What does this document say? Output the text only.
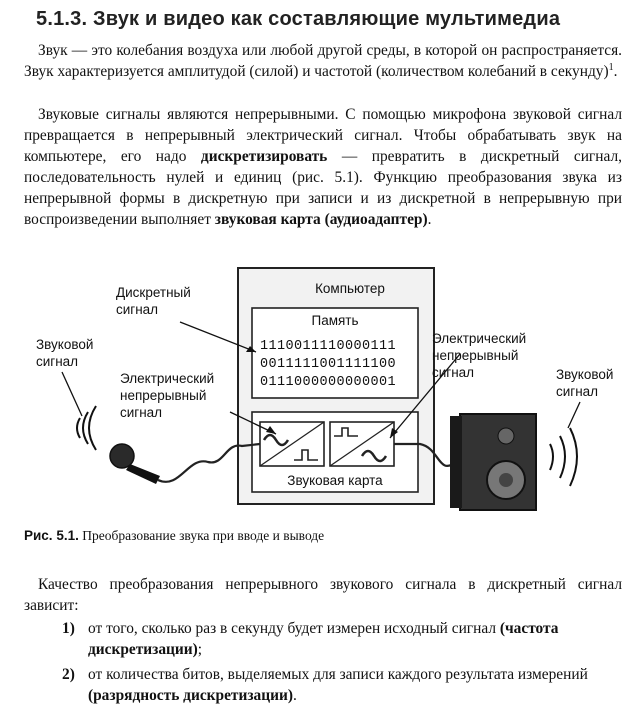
5.1.3. Звук и видео как составляющие мультимедиа
Звук — это колебания воздуха или любой другой среды, в которой он распространяется. Звук характеризуется амплитудой (силой) и частотой (количеством колебаний в секунду)$^1$.
Звуковые сигналы являются непрерывными. С помощью микрофона звуковой сигнал превращается в непрерывный электрический сигнал. Чтобы обрабатывать звук на компьютере, его надо дискретизировать — превратить в дискретный сигнал, последовательность нулей и единиц (рис. 5.1). Функцию преобразования звука из непрерывной формы в дискретную при записи и из дискретной в непрерывную при воспроизведении выполняет звуковая карта (аудиоадаптер).
Компьютер
Память
1110011110000111
0011111001111100
0111000000000001
Звуковая карта
Дискретный
сигнал
Электрический
непрерывный
сигнал
Электрический
непрерывный
сигнал
Звуковой
сигнал
Звуковой
сигнал
Рис. 5.1. Преобразование звука при вводе и выводе
Качество преобразования непрерывного звукового сигнала в дискретный сигнал зависит:
1) от того, сколько раз в секунду будет измерен исходный сигнал (частота дискретизации);
2) от количества битов, выделяемых для записи каждого результата измерений (разрядность дискретизации).
